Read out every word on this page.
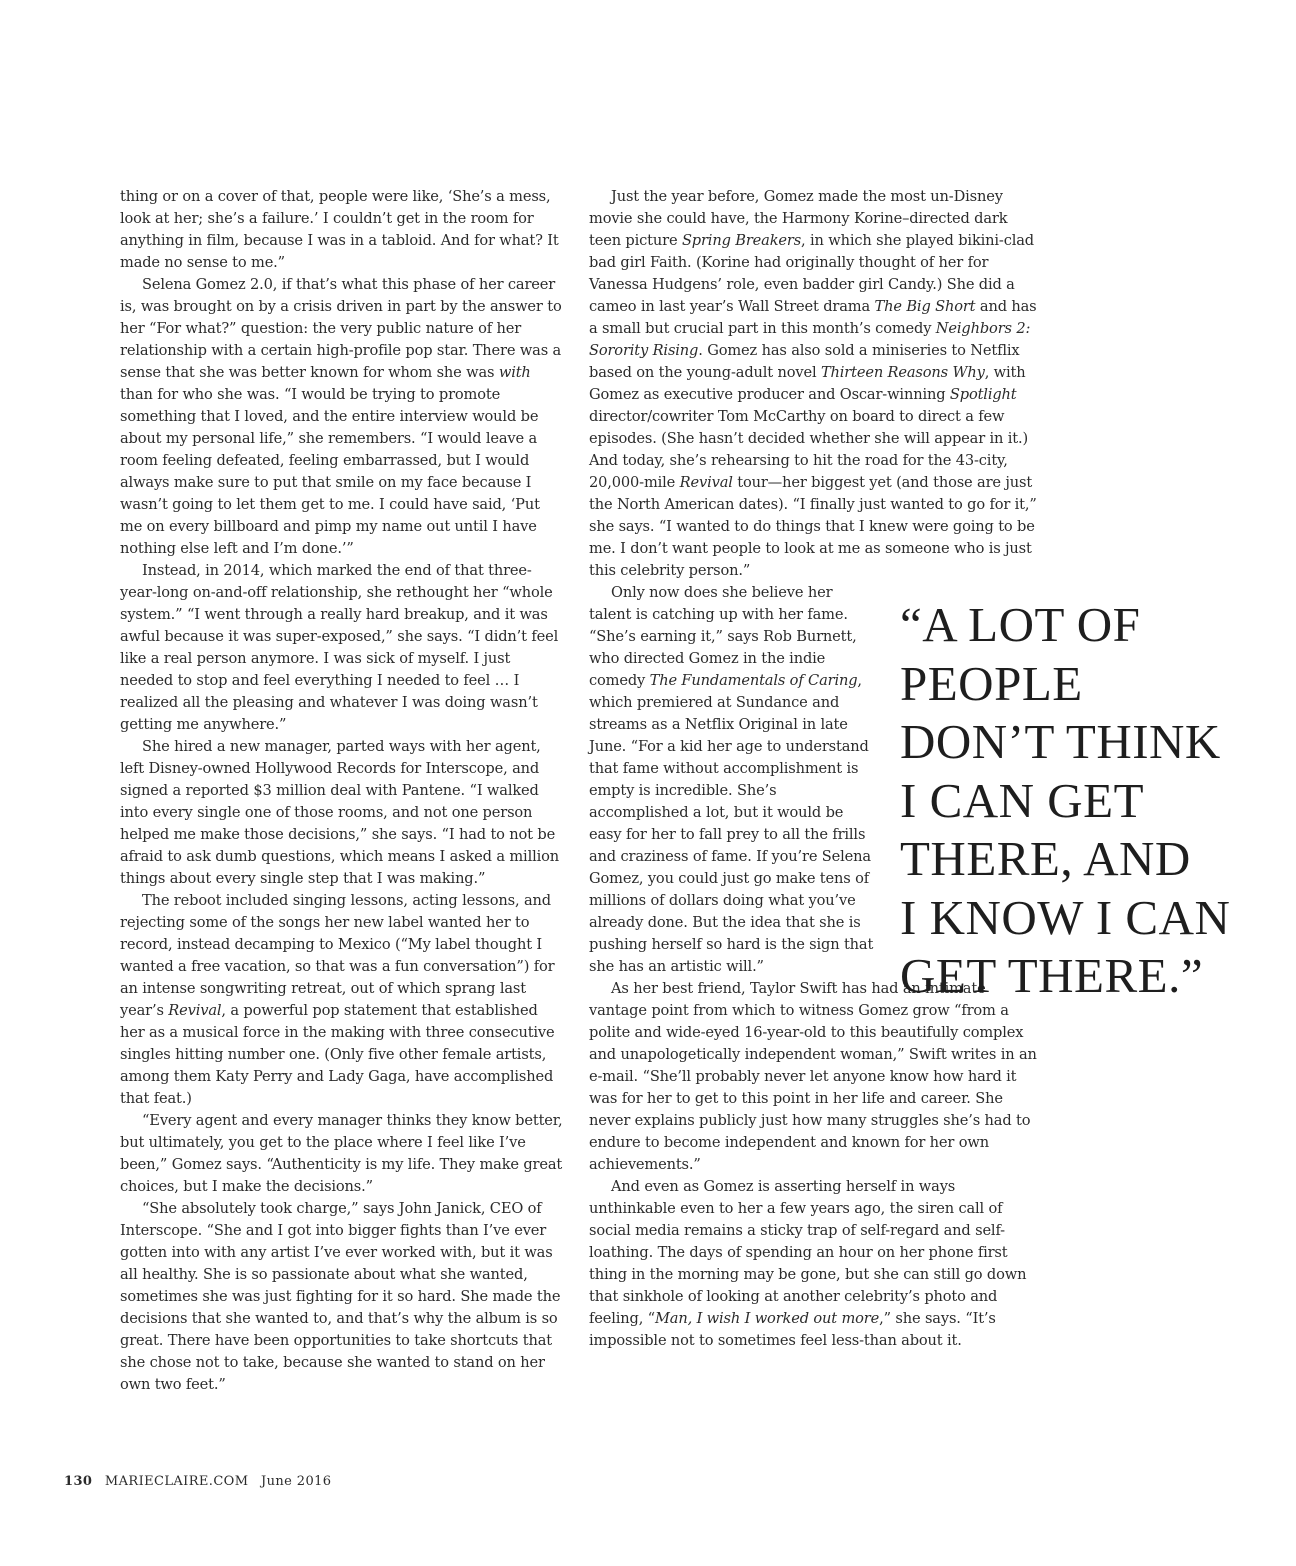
thing or on a cover of that, people were like, ‘She’s a mess, look at her; she’s a failure.’ I couldn’t get in the room for anything in film, because I was in a tabloid. And for what? It made no sense to me.”

Selena Gomez 2.0, if that’s what this phase of her career is, was brought on by a crisis driven in part by the answer to her “For what?” question: the very public nature of her relationship with a certain high-profile pop star. There was a sense that she was better known for whom she was with than for who she was. “I would be trying to promote something that I loved, and the entire interview would be about my personal life,” she remembers. “I would leave a room feeling defeated, feeling embarrassed, but I would always make sure to put that smile on my face because I wasn’t going to let them get to me. I could have said, ‘Put me on every billboard and pimp my name out until I have nothing else left and I’m done.’”

Instead, in 2014, which marked the end of that three-year-long on-and-off relationship, she rethought her “whole system.” “I went through a really hard breakup, and it was awful because it was super-exposed,” she says. “I didn’t feel like a real person anymore. I was sick of myself. I just needed to stop and feel everything I needed to feel … I realized all the pleasing and whatever I was doing wasn’t getting me anywhere.”

She hired a new manager, parted ways with her agent, left Disney-owned Hollywood Records for Interscope, and signed a reported $3 million deal with Pantene. “I walked into every single one of those rooms, and not one person helped me make those decisions,” she says. “I had to not be afraid to ask dumb questions, which means I asked a million things about every single step that I was making.”

The reboot included singing lessons, acting lessons, and rejecting some of the songs her new label wanted her to record, instead decamping to Mexico (“My label thought I wanted a free vacation, so that was a fun conversation”) for an intense songwriting retreat, out of which sprang last year’s Revival, a powerful pop statement that established her as a musical force in the making with three consecutive singles hitting number one. (Only five other female artists, among them Katy Perry and Lady Gaga, have accomplished that feat.)

“Every agent and every manager thinks they know better, but ultimately, you get to the place where I feel like I’ve been,” Gomez says. “Authenticity is my life. They make great choices, but I make the decisions.”

“She absolutely took charge,” says John Janick, CEO of Interscope. “She and I got into bigger fights than I’ve ever gotten into with any artist I’ve ever worked with, but it was all healthy. She is so passionate about what she wanted, sometimes she was just fighting for it so hard. She made the decisions that she wanted to, and that’s why the album is so great. There have been opportunities to take shortcuts that she chose not to take, because she wanted to stand on her own two feet.”

Just the year before, Gomez made the most un-Disney movie she could have, the Harmony Korine–directed dark teen picture Spring Breakers, in which she played bikini-clad bad girl Faith. (Korine had originally thought of her for Vanessa Hudgens’ role, even badder girl Candy.) She did a cameo in last year’s Wall Street drama The Big Short and has a small but crucial part in this month’s comedy Neighbors 2: Sorority Rising. Gomez has also sold a miniseries to Netflix based on the young-adult novel Thirteen Reasons Why, with Gomez as executive producer and Oscar-winning Spotlight director/cowriter Tom McCarthy on board to direct a few episodes. (She hasn’t decided whether she will appear in it.) And today, she’s rehearsing to hit the road for the 43-city, 20,000-mile Revival tour—her biggest yet (and those are just the North American dates). “I finally just wanted to go for it,” she says. “I wanted to do things that I knew were going to be me. I don’t want people to look at me as someone who is just this celebrity person.”

Only now does she believe her talent is catching up with her fame. “She’s earning it,” says Rob Burnett, who directed Gomez in the indie comedy The Fundamentals of Caring, which premiered at Sundance and streams as a Netflix Original in late June. “For a kid her age to understand that fame without accomplishment is empty is incredible. She’s accomplished a lot, but it would be easy for her to fall prey to all the frills and craziness of fame. If you’re Selena Gomez, you could just go make tens of millions of dollars doing what you’ve already done. But the idea that she is pushing herself so hard is the sign that she has an artistic will.”

As her best friend, Taylor Swift has had an intimate vantage point from which to witness Gomez grow “from a polite and wide-eyed 16-year-old to this beautifully complex and unapologetically independent woman,” Swift writes in an e-mail. “She’ll probably never let anyone know how hard it was for her to get to this point in her life and career. She never explains publicly just how many struggles she’s had to endure to become independent and known for her own achievements.”

And even as Gomez is asserting herself in ways unthinkable even to her a few years ago, the siren call of social media remains a sticky trap of self-regard and self-loathing. The days of spending an hour on her phone first thing in the morning may be gone, but she can still go down that sinkhole of looking at another celebrity’s photo and feeling, “Man, I wish I worked out more,” she says. “It’s impossible not to sometimes feel less-than about it.

“A LOT OF
PEOPLE
DON’T THINK
I CAN GET
THERE, AND
I KNOW I CAN
GET THERE.”
130 MARIECLAIRE.COM June 2016
